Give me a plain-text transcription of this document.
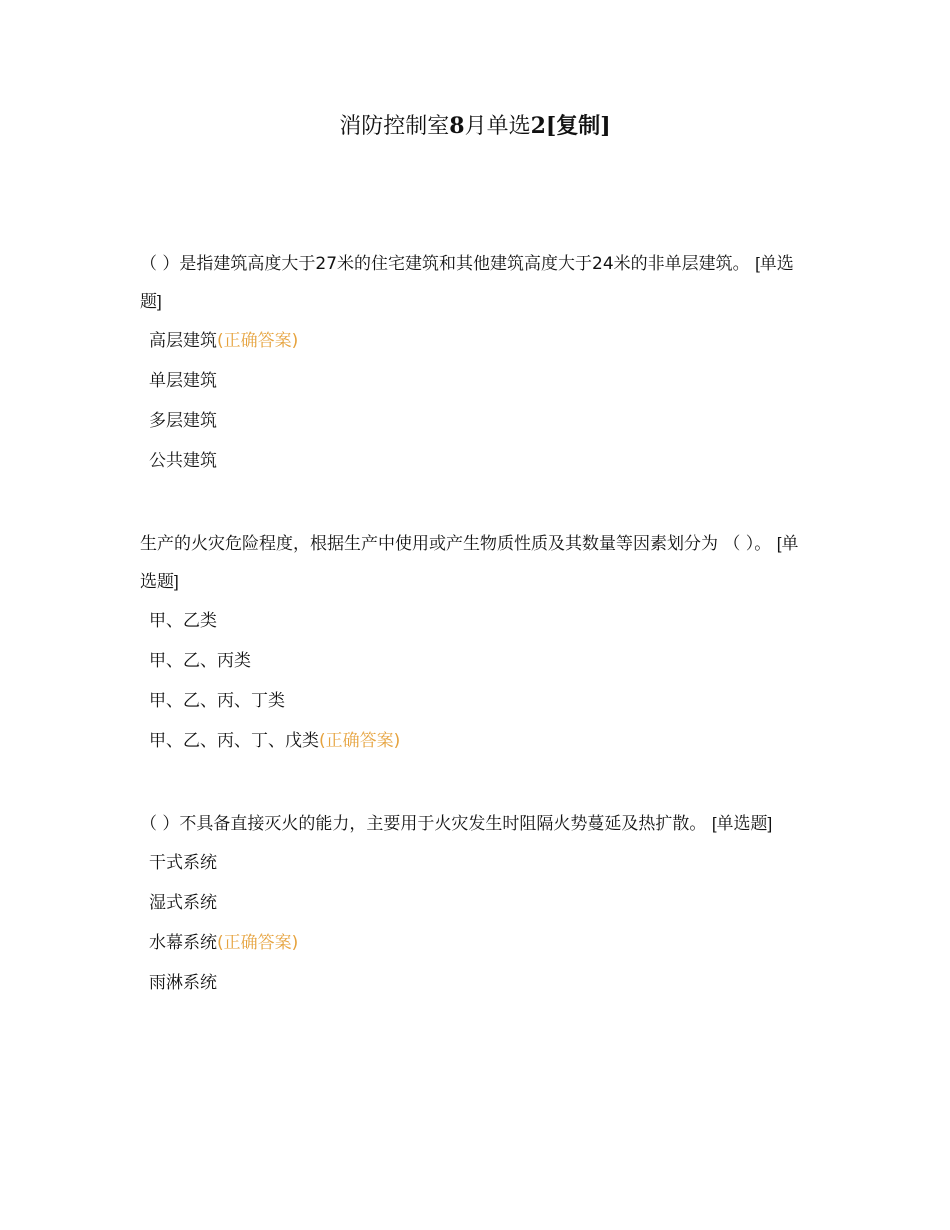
消防控制室8月单选2[复制]

（ ）是指建筑高度大于27米的住宅建筑和其他建筑高度大于24米的非单层建筑。 [单选题]

高层建筑(正确答案)
单层建筑
多层建筑
公共建筑

生产的火灾危险程度，根据生产中使用或产生物质性质及其数量等因素划分为 （ ）。 [单选题]

甲、乙类
甲、乙、丙类
甲、乙、丙、丁类
甲、乙、丙、丁、戊类(正确答案)

（ ）不具备直接灭火的能力，主要用于火灾发生时阻隔火势蔓延及热扩散。 [单选题]

干式系统
湿式系统
水幕系统(正确答案)
雨淋系统
